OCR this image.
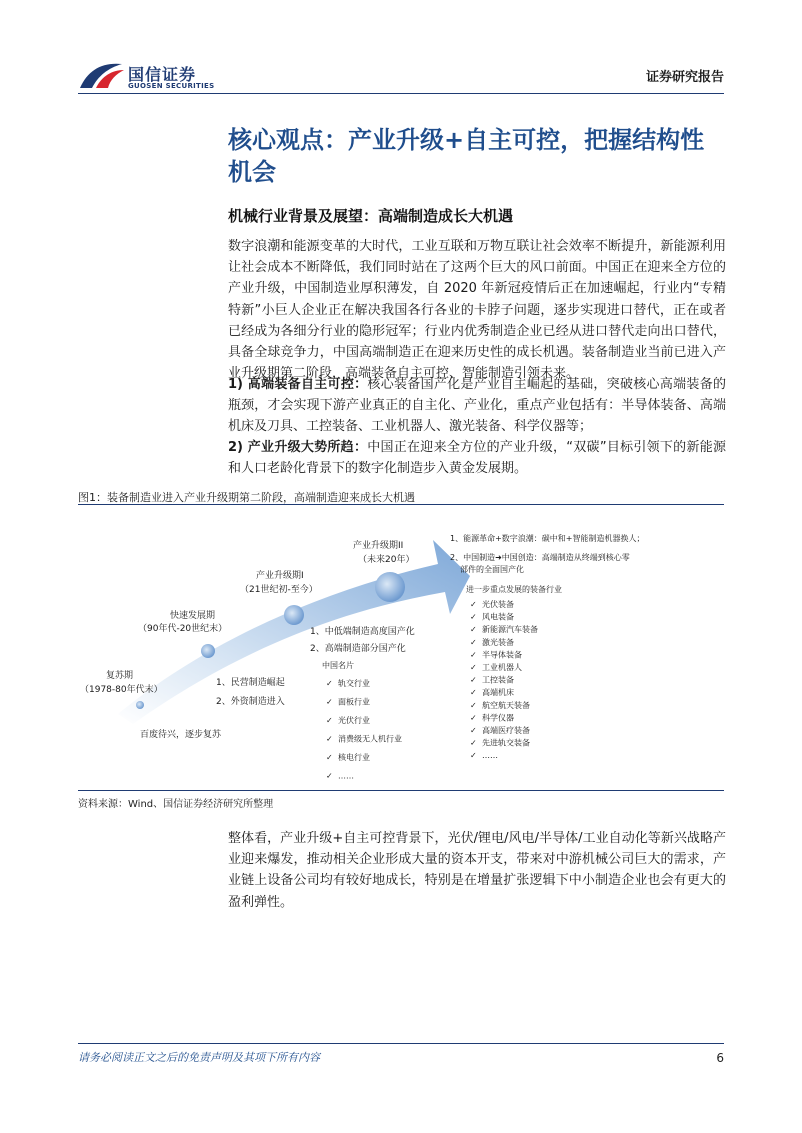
国信证券
GUOSEN SECURITIES
证券研究报告
核心观点：产业升级+自主可控，把握结构性
机会
机械行业背景及展望：高端制造成长大机遇
数字浪潮和能源变革的大时代，工业互联和万物互联让社会效率不断提升，新能源利用让社会成本不断降低，我们同时站在了这两个巨大的风口前面。中国正在迎来全方位的产业升级，中国制造业厚积薄发，自 2020 年新冠疫情后正在加速崛起，行业内“专精特新”小巨人企业正在解决我国各行各业的卡脖子问题，逐步实现进口替代，正在或者已经成为各细分行业的隐形冠军；行业内优秀制造企业已经从进口替代走向出口替代，具备全球竞争力，中国高端制造正在迎来历史性的成长机遇。装备制造业当前已进入产业升级期第二阶段，高端装备自主可控、智能制造引领未来。
1) 高端装备自主可控：核心装备国产化是产业自主崛起的基础，突破核心高端装备的瓶颈，才会实现下游产业真正的自主化、产业化，重点产业包括有：半导体装备、高端机床及刀具、工控装备、工业机器人、激光装备、科学仪器等；
2) 产业升级大势所趋：中国正在迎来全方位的产业升级，“双碳”目标引领下的新能源和人口老龄化背景下的数字化制造步入黄金发展期。
图1：装备制造业进入产业升级期第二阶段，高端制造迎来成长大机遇
复苏期
（1978-80年代末）
百废待兴，逐步复苏
快速发展期
（90年代-20世纪末）
1、民营制造崛起
2、外资制造进入
产业升级期I
（21世纪初-至今）
1、中低端制造高度国产化
2、高端制造部分国产化
产业升级期II
（未来20年）
中国名片
✓ 轨交行业
✓ 面板行业
✓ 光伏行业
✓ 消费级无人机行业
✓ 核电行业
✓ ……
1、能源革命+数字浪潮：碳中和+智能制造机器换人；
2、中国制造➜中国创造：高端制造从终端到核心零
部件的全面国产化
进一步重点发展的装备行业
✓ 光伏装备
✓ 风电装备
✓ 新能源汽车装备
✓ 激光装备
✓ 半导体装备
✓ 工业机器人
✓ 工控装备
✓ 高端机床
✓ 航空航天装备
✓ 科学仪器
✓ 高端医疗装备
✓ 先进轨交装备
✓ ……
资料来源：Wind、国信证券经济研究所整理
整体看，产业升级+自主可控背景下，光伏/锂电/风电/半导体/工业自动化等新兴战略产业迎来爆发，推动相关企业形成大量的资本开支，带来对中游机械公司巨大的需求，产业链上设备公司均有较好地成长，特别是在增量扩张逻辑下中小制造企业也会有更大的盈利弹性。
请务必阅读正文之后的免责声明及其项下所有内容	6
